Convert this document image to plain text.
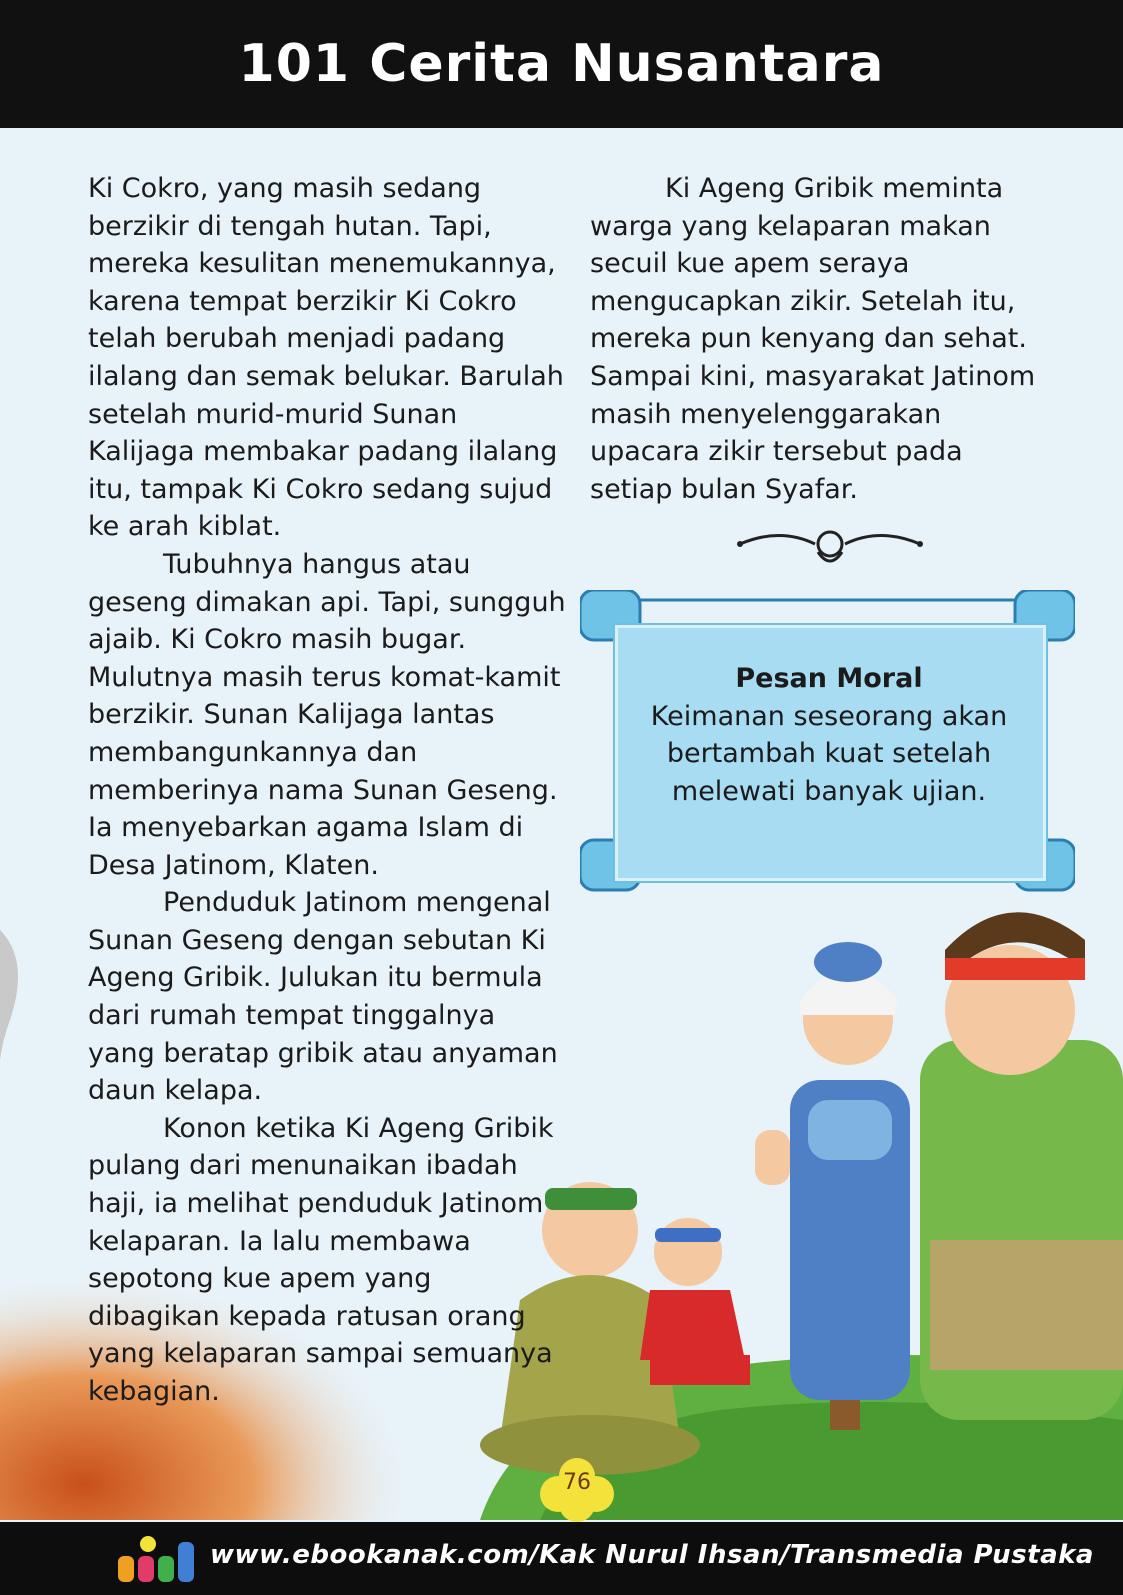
101 Cerita Nusantara

Ki Cokro, yang masih sedang berzikir di tengah hutan. Tapi, mereka kesulitan menemukannya, karena tempat berzikir Ki Cokro telah berubah menjadi padang ilalang dan semak belukar. Barulah setelah murid-murid Sunan Kalijaga membakar padang ilalang itu, tampak Ki Cokro sedang sujud ke arah kiblat.

Tubuhnya hangus atau geseng dimakan api. Tapi, sungguh ajaib. Ki Cokro masih bugar. Mulutnya masih terus komat-kamit berzikir. Sunan Kalijaga lantas membangunkannya dan memberinya nama Sunan Geseng. Ia menyebarkan agama Islam di Desa Jatinom, Klaten.

Penduduk Jatinom mengenal Sunan Geseng dengan sebutan Ki Ageng Gribik. Julukan itu bermula dari rumah tempat tinggalnya yang beratap gribik atau anyaman daun kelapa.

Konon ketika Ki Ageng Gribik pulang dari menunaikan ibadah haji, ia melihat penduduk Jatinom kelaparan. Ia lalu membawa sepotong kue apem yang dibagikan kepada ratusan orang yang kelaparan sampai semuanya kebagian.

Ki Ageng Gribik meminta warga yang kelaparan makan secuil kue apem seraya mengucapkan zikir. Setelah itu, mereka pun kenyang dan sehat. Sampai kini, masyarakat Jatinom masih menyelenggarakan upacara zikir tersebut pada setiap bulan Syafar.

Pesan Moral
Keimanan seseorang akan bertambah kuat setelah melewati banyak ujian.
76
www.ebookanak.com/Kak Nurul Ihsan/Transmedia Pustaka
